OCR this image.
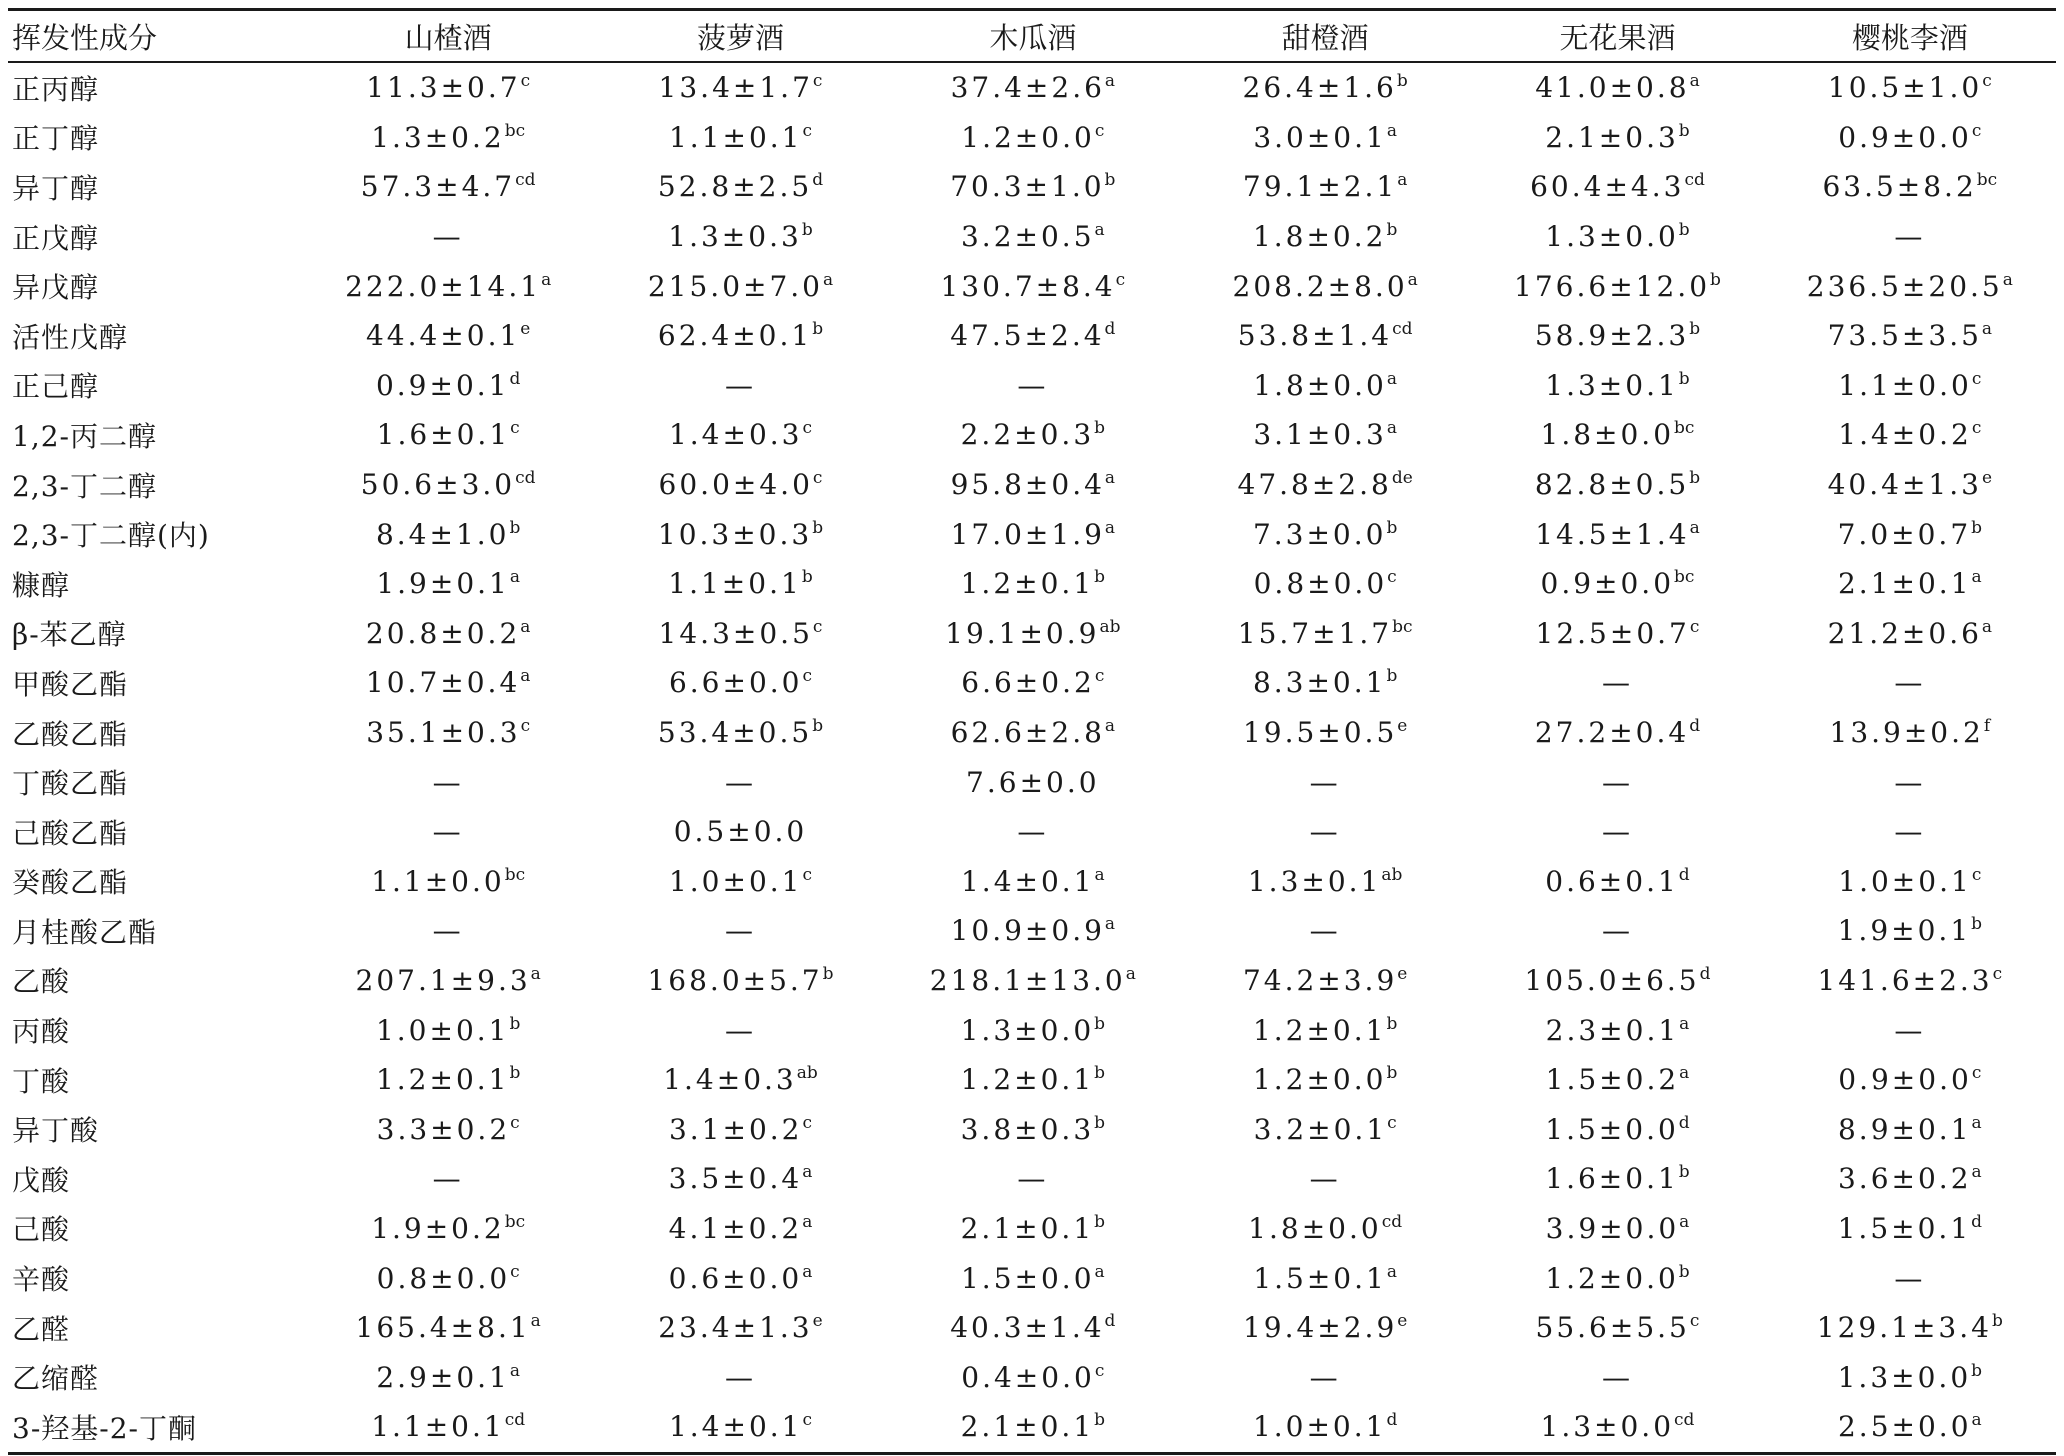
挥发性成分	山楂酒	菠萝酒	木瓜酒	甜橙酒	无花果酒	樱桃李酒
正丙醇	11.3±0.7$^c$	13.4±1.7$^c$	37.4±2.6$^a$	26.4±1.6$^b$	41.0±0.8$^a$	10.5±1.0$^c$
正丁醇	1.3±0.2$^{bc}$	1.1±0.1$^c$	1.2±0.0$^c$	3.0±0.1$^a$	2.1±0.3$^b$	0.9±0.0$^c$
异丁醇	57.3±4.7$^{cd}$	52.8±2.5$^d$	70.3±1.0$^b$	79.1±2.1$^a$	60.4±4.3$^{cd}$	63.5±8.2$^{bc}$
正戊醇	—	1.3±0.3$^b$	3.2±0.5$^a$	1.8±0.2$^b$	1.3±0.0$^b$	—
异戊醇	222.0±14.1$^a$	215.0±7.0$^a$	130.7±8.4$^c$	208.2±8.0$^a$	176.6±12.0$^b$	236.5±20.5$^a$
活性戊醇	44.4±0.1$^e$	62.4±0.1$^b$	47.5±2.4$^d$	53.8±1.4$^{cd}$	58.9±2.3$^b$	73.5±3.5$^a$
正己醇	0.9±0.1$^d$	—	—	1.8±0.0$^a$	1.3±0.1$^b$	1.1±0.0$^c$
1,2-丙二醇	1.6±0.1$^c$	1.4±0.3$^c$	2.2±0.3$^b$	3.1±0.3$^a$	1.8±0.0$^{bc}$	1.4±0.2$^c$
2,3-丁二醇	50.6±3.0$^{cd}$	60.0±4.0$^c$	95.8±0.4$^a$	47.8±2.8de	82.8±0.5$^b$	40.4±1.3$^e$
2,3-丁二醇(内)	8.4±1.0$^b$	10.3±0.3$^b$	17.0±1.9$^a$	7.3±0.0$^b$	14.5±1.4$^a$	7.0±0.7$^b$
糠醇	1.9±0.1$^a$	1.1±0.1$^b$	1.2±0.1$^b$	0.8±0.0$^c$	0.9±0.0$^{bc}$	2.1±0.1$^a$
β-苯乙醇	20.8±0.2$^a$	14.3±0.5$^c$	19.1±0.9$^{ab}$	15.7±1.7$^{bc}$	12.5±0.7$^c$	21.2±0.6$^a$
甲酸乙酯	10.7±0.4$^a$	6.6±0.0$^c$	6.6±0.2$^c$	8.3±0.1$^b$	—	—
乙酸乙酯	35.1±0.3$^c$	53.4±0.5$^b$	62.6±2.8$^a$	19.5±0.5$^e$	27.2±0.4$^d$	13.9±0.2$^f$
丁酸乙酯	—	—	7.6±0.0	—	—	—
己酸乙酯	—	0.5±0.0	—	—	—	—
癸酸乙酯	1.1±0.0$^{bc}$	1.0±0.1$^c$	1.4±0.1$^a$	1.3±0.1$^{ab}$	0.6±0.1$^d$	1.0±0.1$^c$
月桂酸乙酯	—	—	10.9±0.9$^a$	—	—	1.9±0.1$^b$
乙酸	207.1±9.3$^a$	168.0±5.7$^b$	218.1±13.0$^a$	74.2±3.9$^e$	105.0±6.5$^d$	141.6±2.3$^c$
丙酸	1.0±0.1$^b$	—	1.3±0.0$^b$	1.2±0.1$^b$	2.3±0.1$^a$	—
丁酸	1.2±0.1$^b$	1.4±0.3$^{ab}$	1.2±0.1$^b$	1.2±0.0$^b$	1.5±0.2$^a$	0.9±0.0$^c$
异丁酸	3.3±0.2$^c$	3.1±0.2$^c$	3.8±0.3$^b$	3.2±0.1$^c$	1.5±0.0$^d$	8.9±0.1$^a$
戊酸	—	3.5±0.4$^a$	—	—	1.6±0.1$^b$	3.6±0.2$^a$
己酸	1.9±0.2$^{bc}$	4.1±0.2$^a$	2.1±0.1$^b$	1.8±0.0$^{cd}$	3.9±0.0$^a$	1.5±0.1$^d$
辛酸	0.8±0.0$^c$	0.6±0.0$^a$	1.5±0.0$^a$	1.5±0.1$^a$	1.2±0.0$^b$	—
乙醛	165.4±8.1$^a$	23.4±1.3$^e$	40.3±1.4$^d$	19.4±2.9$^e$	55.6±5.5$^c$	129.1±3.4$^b$
乙缩醛	2.9±0.1$^a$	—	0.4±0.0$^c$	—	—	1.3±0.0$^b$
3-羟基-2-丁酮	1.1±0.1$^{cd}$	1.4±0.1$^c$	2.1±0.1$^b$	1.0±0.1$^d$	1.3±0.0$^{cd}$	2.5±0.0$^a$
